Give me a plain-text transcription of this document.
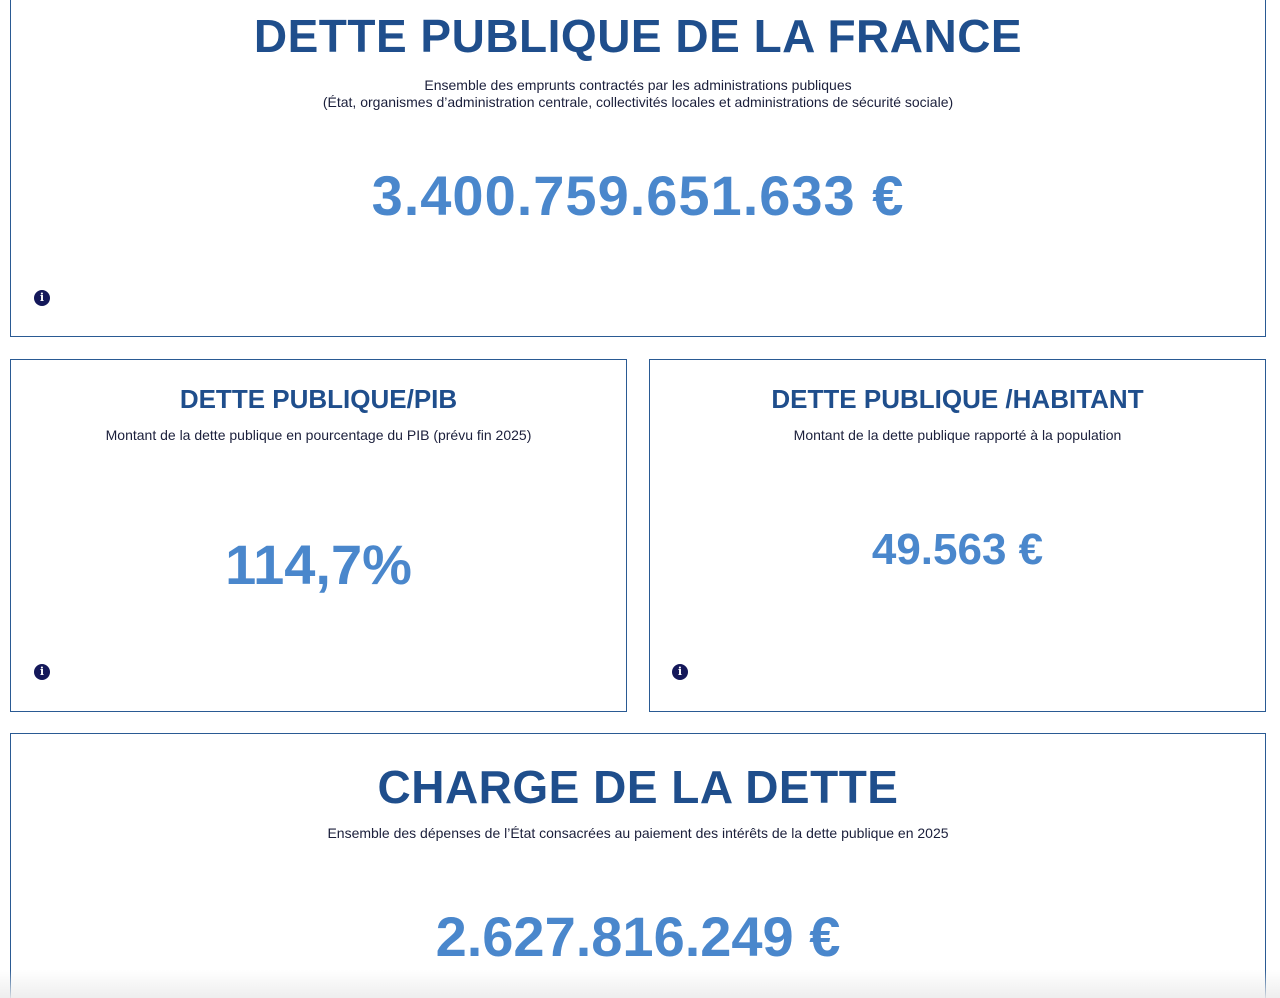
DETTE PUBLIQUE DE LA FRANCE

Ensemble des emprunts contractés par les administrations publiques

(État, organismes d’administration centrale, collectivités locales et administrations de sécurité sociale)

3.400.759.651.633 €
i
DETTE PUBLIQUE/PIB

Montant de la dette publique en pourcentage du PIB (prévu fin 2025)

114,7%
i
DETTE PUBLIQUE /HABITANT

Montant de la dette publique rapporté à la population

49.563 €
i
CHARGE DE LA DETTE

Ensemble des dépenses de l’État consacrées au paiement des intérêts de la dette publique en 2025

2.627.816.249 €
